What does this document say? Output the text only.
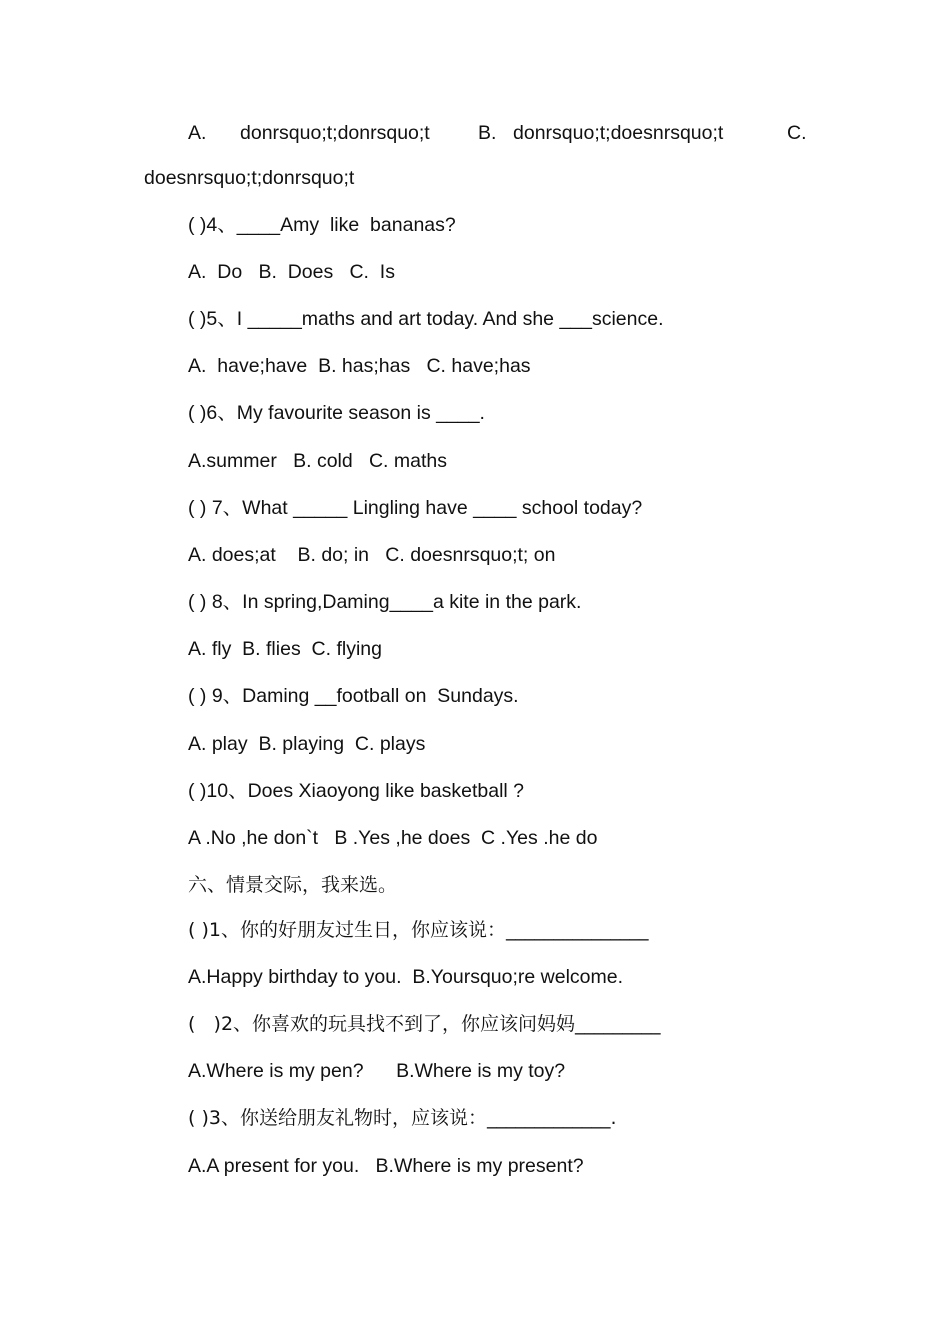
A. donrsquo;t;donrsquo;t B. donrsquo;t;doesnrsquo;t	C.
doesnrsquo;t;donrsquo;t
( )4、____Amy  like  bananas?
A.  Do   B.  Does   C.  Is
( )5、I _____maths and art today. And she ___science.
A.  have;have  B. has;has   C. have;has
( )6、My favourite season is ____.
A.summer   B. cold   C. maths
( ) 7、What _____ Lingling have ____ school today?
A. does;at    B. do; in   C. doesnrsquo;t; on
( ) 8、In spring,Daming____a kite in the park.
A. fly  B. flies  C. flying
( ) 9、Daming __football on  Sundays.
A. play  B. playing  C. plays
( )10、Does Xiaoyong like basketball ?
A .No ,he don`t   B .Yes ,he does  C .Yes .he do
六、情景交际，我来选。
( )1、你的好朋友过生日，你应该说：_______________
A.Happy birthday to you.  B.Yoursquo;re welcome.
(   )2、你喜欢的玩具找不到了，你应该问妈妈_________
A.Where is my pen?      B.Where is my toy?
( )3、你送给朋友礼物时，应该说：_____________.
A.A present for you.   B.Where is my present?
